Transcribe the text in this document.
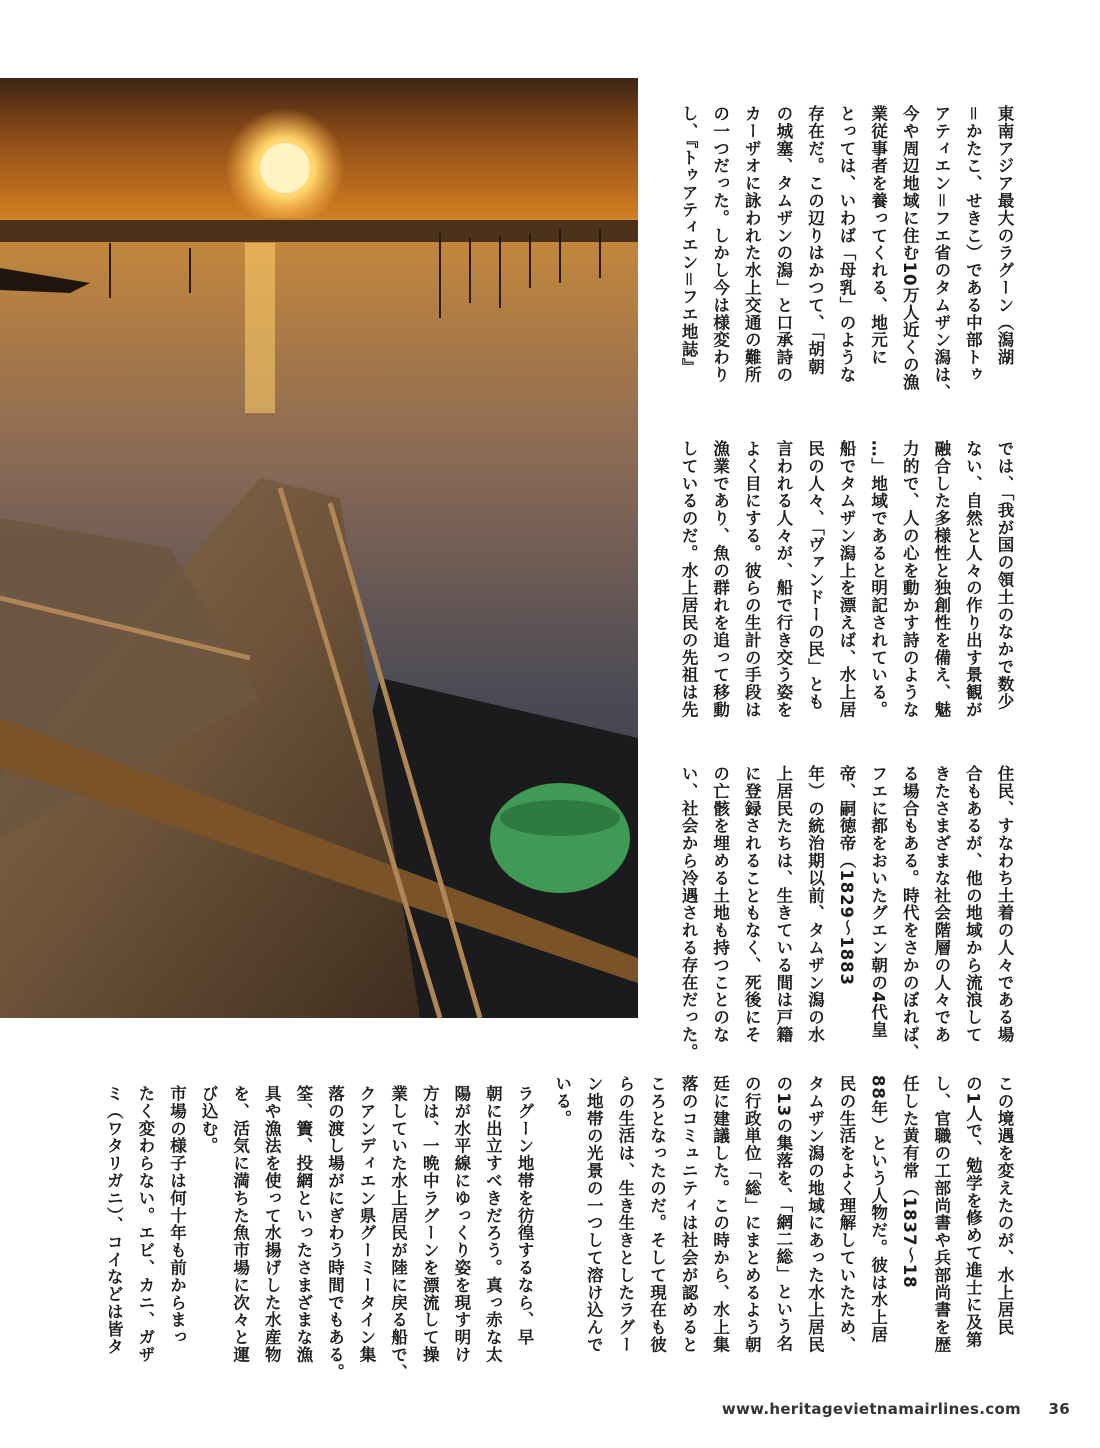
東南アジア最大のラグーン（潟湖
＝かたこ、せきこ）である中部トゥ
アティエン＝フエ省のタムザン潟は、
今や周辺地域に住む10万人近くの漁
業従事者を養ってくれる、地元に
とっては、いわば「母乳」のような
存在だ。この辺りはかつて、「胡朝
の城塞、タムザンの潟」と口承詩の
カーザオに詠われた水上交通の難所
の一つだった。しかし今は様変わり
し、『トゥアティエン＝フエ地誌』
では、「我が国の領土のなかで数少
ない、自然と人々の作り出す景観が
融合した多様性と独創性を備え、魅
力的で、人の心を動かす詩のような
…」地域であると明記されている。
船でタムザン潟上を漂えば、水上居
民の人々、「ヴァンドーの民」とも
言われる人々が、船で行き交う姿を
よく目にする。彼らの生計の手段は
漁業であり、魚の群れを追って移動
しているのだ。水上居民の先祖は先
住民、すなわち土着の人々である場
合もあるが、他の地域から流浪して
きたさまざまな社会階層の人々であ
る場合もある。時代をさかのぼれば、
フエに都をおいたグエン朝の4代皇
帝、嗣徳帝（1829〜1883
年）の統治期以前、タムザン潟の水
上居民たちは、生きている間は戸籍
に登録されることもなく、死後にそ
の亡骸を埋める土地も持つことのな
い、社会から冷遇される存在だった。
この境遇を変えたのが、水上居民
の1人で、勉学を修めて進士に及第
し、官職の工部尚書や兵部尚書を歴
任した黄有常（1837〜18
88年）という人物だ。彼は水上居
民の生活をよく理解していたため、
タムザン潟の地域にあった水上居民
の13の集落を、「網二総」という名
の行政単位「総」にまとめるよう朝
廷に建議した。この時から、水上集
落のコミュニティは社会が認めると
ころとなったのだ。そして現在も彼
らの生活は、生き生きとしたラグー
ン地帯の光景の一つして溶け込んで
いる。
ラグーン地帯を彷徨するなら、早
朝に出立すべきだろう。真っ赤な太
陽が水平線にゆっくり姿を現す明け
方は、一晩中ラグーンを漂流して操
業していた水上居民が陸に戻る船で、
クアンディエン県グーミータイン集
落の渡し場がにぎわう時間でもある。
筌、簀、投網といったさまざまな漁
具や漁法を使って水揚げした水産物
を、活気に満ちた魚市場に次々と運
び込む。
市場の様子は何十年も前からまっ
たく変わらない。エビ、カニ、ガザ
ミ（ワタリガニ）、コイなどは皆タ
www.heritagevietnamairlines.com 36
